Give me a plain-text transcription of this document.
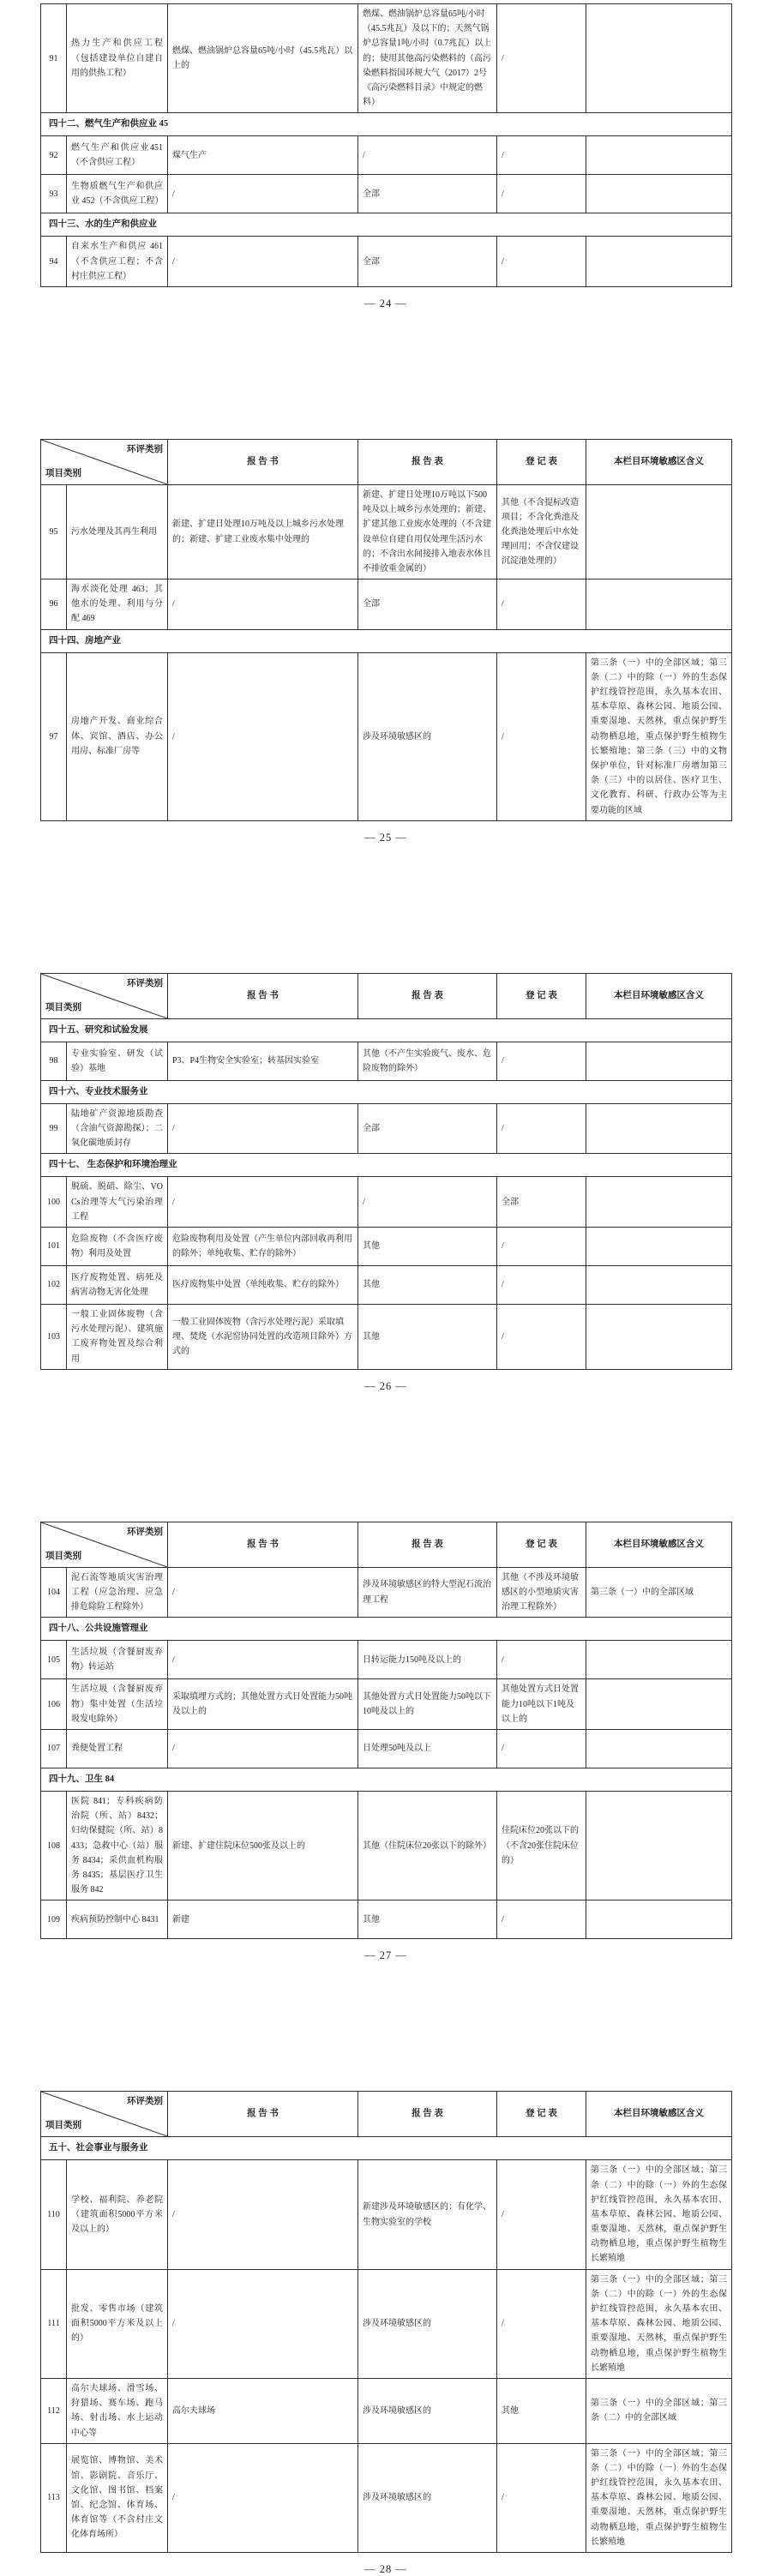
91	热力生产和供应工程（包括建设单位自建自用的供热工程）	燃煤、燃油锅炉总容量65吨/小时（45.5兆瓦）以上的	燃煤、燃油锅炉总容量65吨/小时（45.5兆瓦）及以下的；天然气锅炉总容量1吨/小时（0.7兆瓦）以上的；使用其他高污染燃料的（高污染燃料指国环规大气（2017）2号《高污染燃料目录》中规定的燃料）	/	
四十二、燃气生产和供应业 45					
92	燃气生产和供应业451（不含供应工程）	煤气生产	/	/	
93	生物质燃气生产和供应业 452（不含供应工程）	/	全部	/	
四十三、水的生产和供应业					
94	自来水生产和供应 461（不含供应工程；不含村庄供应工程）	/	全部	/	
— 24 —
环评类别
项目类别		报 告 书	报 告 表	登 记 表	本栏目环境敏感区含义
95	污水处理及其再生利用	新建、扩建日处理10万吨及以上城乡污水处理的；新建、扩建工业废水集中处理的	新建、扩建日处理10万吨以下500吨及以上城乡污水处理的；新建、扩建其他工业废水处理的（不含建设单位自建自用仅处理生活污水的；不含出水间接排入地表水体且不排放重金属的）	其他（不含提标改造项目；不含化粪池及化粪池处理后中水处理回用；不含仅建设沉淀池处理的）	
96	海水淡化处理 463；其他水的处理、利用与分配 469	/	全部	/	
四十四、房地产业					
97	房地产开发、商业综合体、宾馆、酒店、办公用房、标准厂房等	/	涉及环境敏感区的	/	第三条（一）中的全部区域；第三条（二）中的除（一）外的生态保护红线管控范围，永久基本农田、基本草原、森林公园、地质公园、重要湿地、天然林，重点保护野生动物栖息地，重点保护野生植物生长繁殖地；第三条（三）中的文物保护单位，针对标准厂房增加第三条（三）中的以居住、医疗卫生、文化教育、科研、行政办公等为主要功能的区域
— 25 —
环评类别
项目类别		报 告 书	报 告 表	登 记 表	本栏目环境敏感区含义
四十五、研究和试验发展					
98	专业实验室、研发（试验）基地	P3、P4生物安全实验室；转基因实验室	其他（不产生实验废气、废水、危险废物的除外）	/	
四十六、专业技术服务业					
99	陆地矿产资源地质勘查（含油气资源勘探）；二氧化碳地质封存	/	全部	/	
四十七、 生态保护和环境治理业					
100	脱硫、脱硝、除尘、VOCs治理等大气污染治理工程	/	/	全部	
101	危险废物（不含医疗废物）利用及处置	危险废物利用及处置（产生单位内部回收再利用的除外；单纯收集、贮存的除外）	其他	/	
102	医疗废物处置、病死及病害动物无害化处理	医疗废物集中处置（单纯收集、贮存的除外）	其他	/	
103	一般工业固体废物（含污水处理污泥）、建筑施工废弃物处置及综合利用	一般工业固体废物（含污水处理污泥）采取填埋、焚烧（水泥窑协同处置的改造项目除外）方式的	其他	/	
— 26 —
环评类别
项目类别		报 告 书	报 告 表	登 记 表	本栏目环境敏感区含义
104	泥石流等地质灾害治理工程（应急治理、应急排危除险工程除外）	/	涉及环境敏感区的特大型泥石流治理工程	其他（不涉及环境敏感区的小型地质灾害治理工程除外）	第三条（一）中的全部区域
四十八、公共设施管理业					
105	生活垃圾（含餐厨废弃物）转运站	/	日转运能力150吨及以上的	/	
106	生活垃圾（含餐厨废弃物）集中处置（生活垃圾发电除外）	采取填埋方式的；其他处置方式日处置能力50吨及以上的	其他处置方式日处置能力50吨以下10吨及以上的	其他处置方式日处置能力10吨以下1吨及以上的	
107	粪便处置工程	/	日处理50吨及以上	/	
四十九、卫生 84					
108	医院 841；专科疾病防治院（所、站）8432；妇幼保健院（所、站）8433；急救中心（站）服务 8434；采供血机构服务 8435；基层医疗卫生服务 842	新建、扩建住院床位500张及以上的	其他（住院床位20张以下的除外）	住院床位20张以下的（不含20张住院床位的）	
109	疾病预防控制中心 8431	新建	其他	/	
— 27 —
环评类别
项目类别		报 告 书	报 告 表	登 记 表	本栏目环境敏感区含义
五十、社会事业与服务业					
110	学校、福利院、养老院（建筑面积5000平方米及以上的）	/	新建涉及环境敏感区的；有化学、生物实验室的学校	/	第三条（一）中的全部区域；第三条（二）中的除（一）外的生态保护红线管控范围，永久基本农田、基本草原、森林公园、地质公园、重要湿地、天然林，重点保护野生动物栖息地，重点保护野生植物生长繁殖地
111	批发、零售市场（建筑面积5000平方米及以上的）	/	涉及环境敏感区的	/	第三条（一）中的全部区域；第三条（二）中的除（一）外的生态保护红线管控范围，永久基本农田、基本草原、森林公园、地质公园、重要湿地、天然林，重点保护野生动物栖息地，重点保护野生植物生长繁殖地
112	高尔夫球场、滑雪场、狩猎场、赛车场、跑马场、射击场、水上运动中心等	高尔夫球场	涉及环境敏感区的	其他	第三条（一）中的全部区域；第三条（二）中的全部区域
113	展览馆、博物馆、美术馆、影剧院、音乐厅、文化馆、图书馆、档案馆、纪念馆、体育场、体育馆等（不含村庄文化体育场所）	/	涉及环境敏感区的	/	第三条（一）中的全部区域；第三条（二）中的除（一）外的生态保护红线管控范围，永久基本农田、基本草原、森林公园、地质公园、重要湿地、天然林，重点保护野生动物栖息地，重点保护野生植物生长繁殖地
— 28 —
